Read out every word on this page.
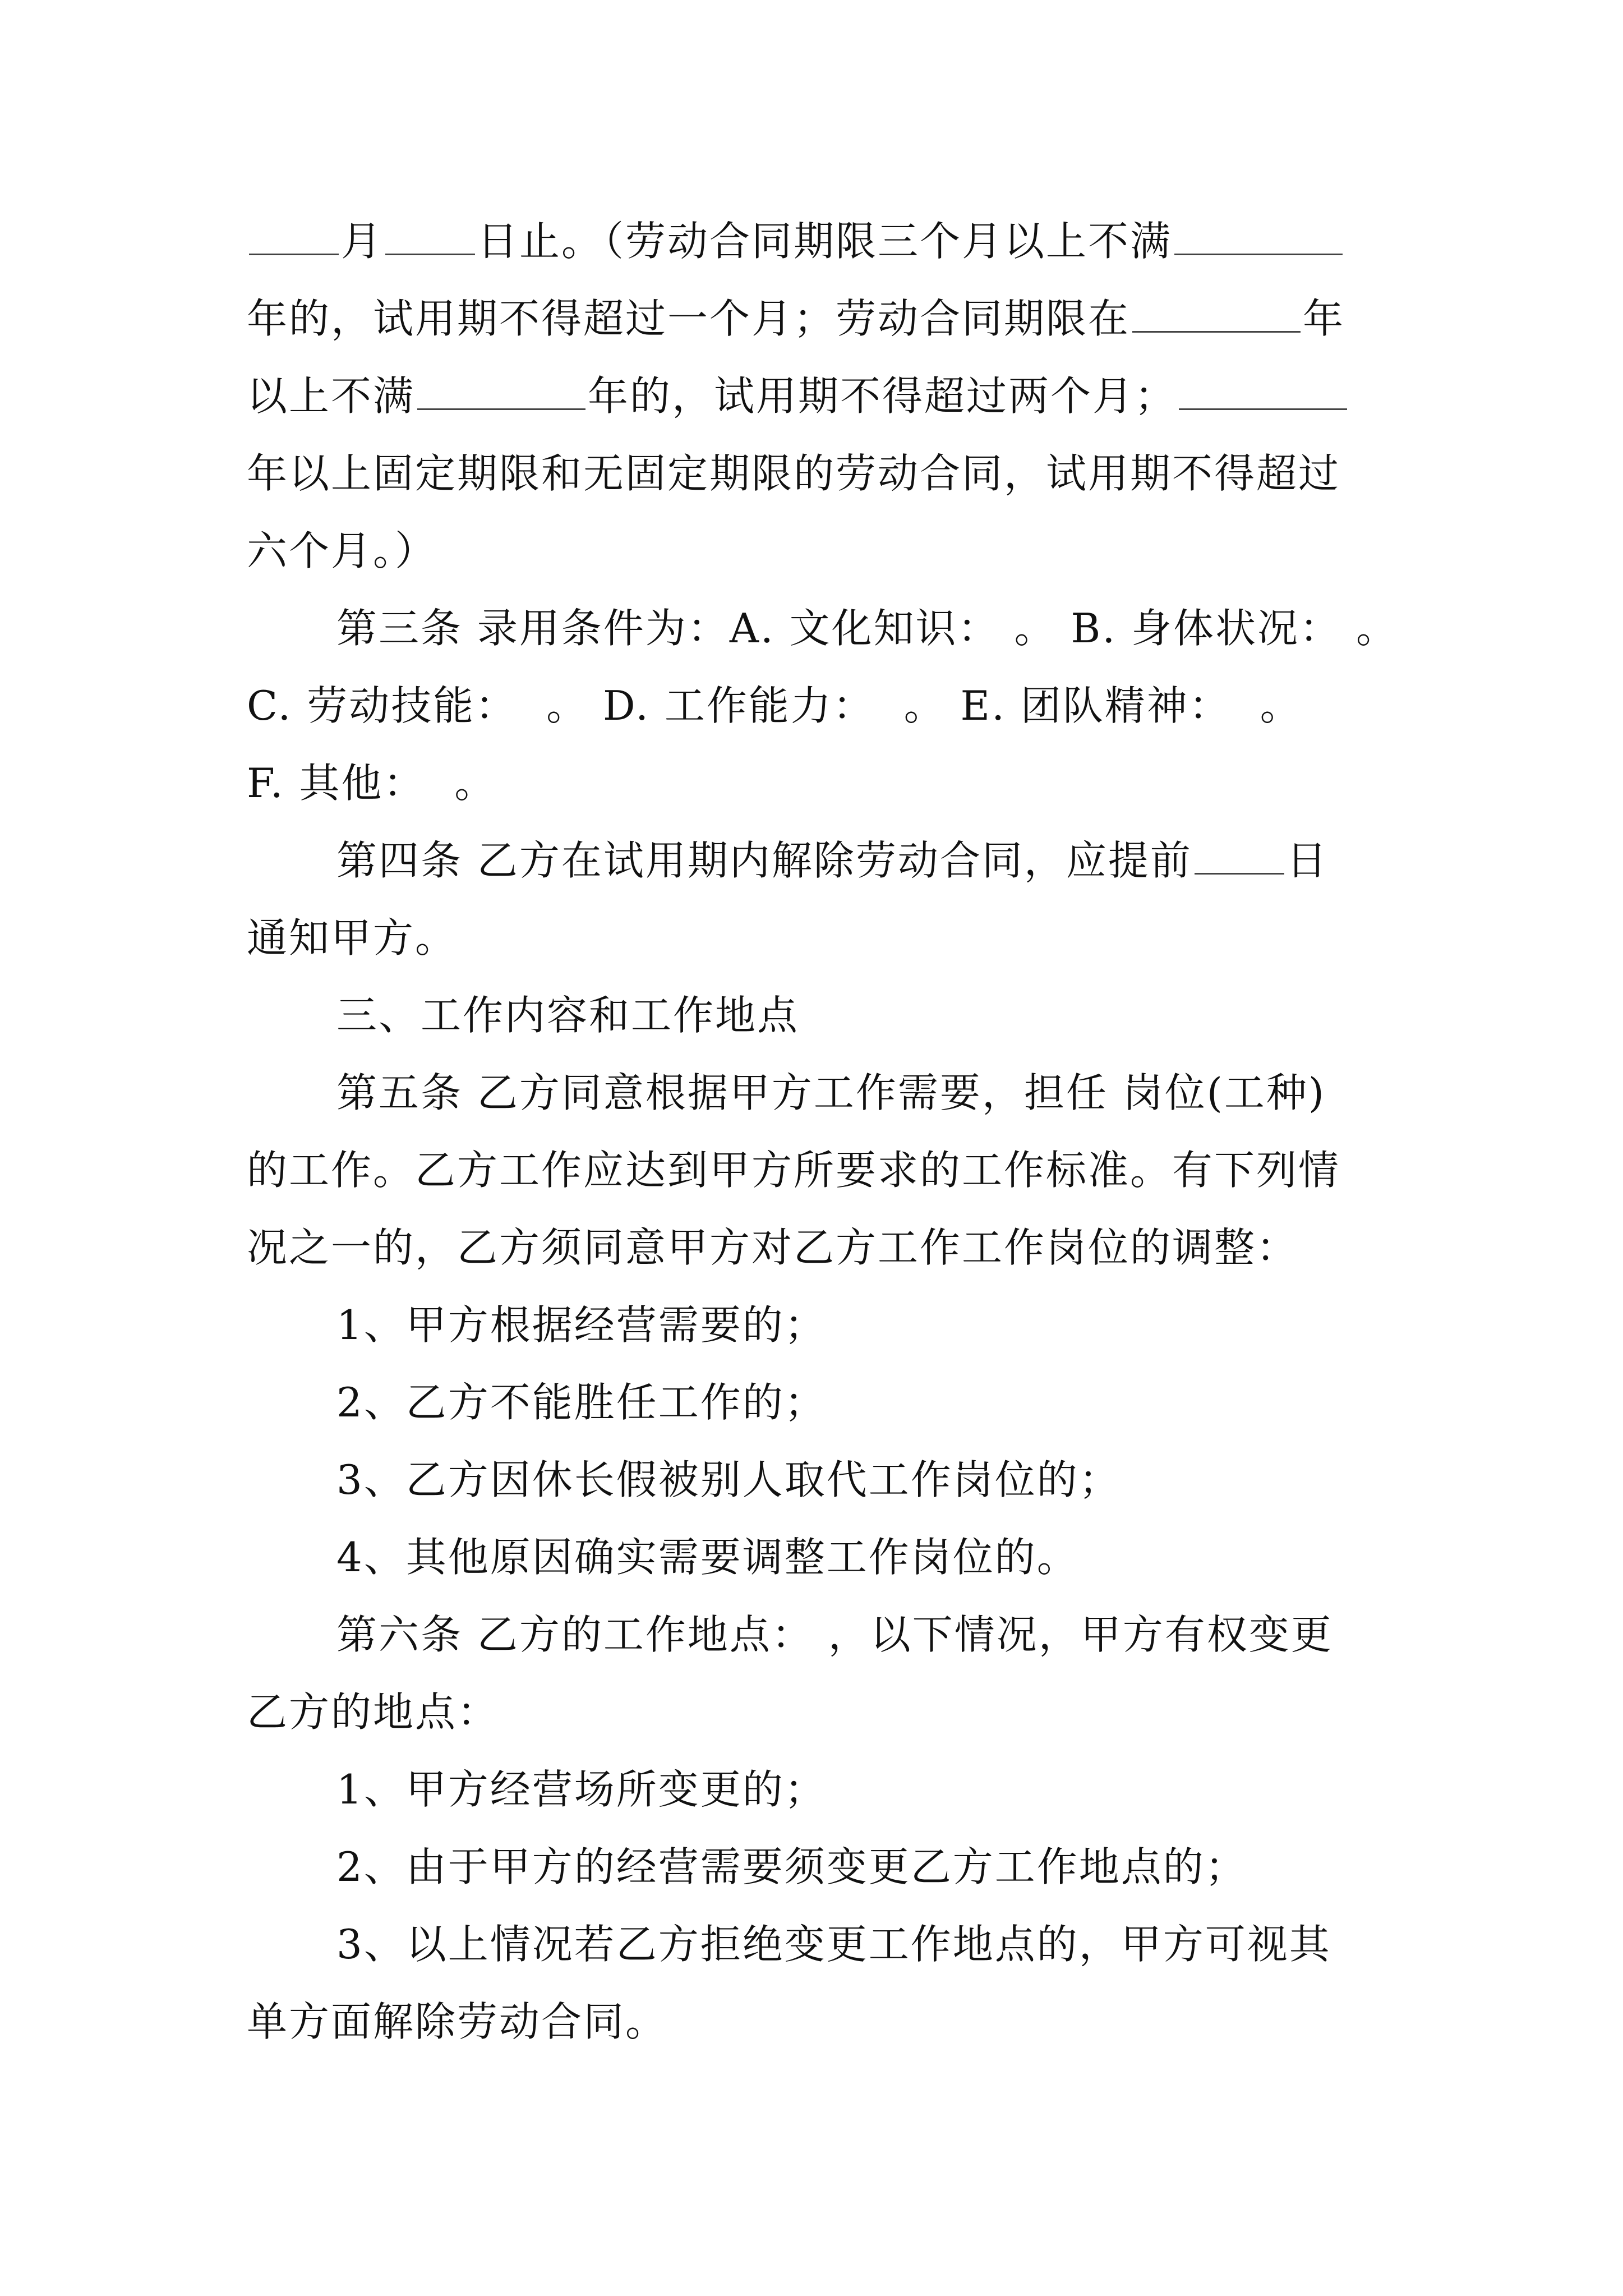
月 日止。（劳动合同期限三个月以上不满
年的，试用期不得超过一个月；劳动合同期限在	年
以上不满	年的，试用期不得超过两个月；
年以上固定期限和无固定期限的劳动合同，试用期不得超过
六个月。）
第三条 录用条件为：A. 文化知识： 。 B. 身体状况： 。
C. 劳动技能：  。 D. 工作能力：  。 E. 团队精神：  。
F. 其他：  。
第四条 乙方在试用期内解除劳动合同，应提前 日
通知甲方。
三、工作内容和工作地点
第五条 乙方同意根据甲方工作需要，担任 岗位(工种)
的工作。乙方工作应达到甲方所要求的工作标准。有下列情
况之一的，乙方须同意甲方对乙方工作工作岗位的调整：
1、甲方根据经营需要的；
2、乙方不能胜任工作的；
3、乙方因休长假被别人取代工作岗位的；
4、其他原因确实需要调整工作岗位的。
第六条 乙方的工作地点： ，以下情况，甲方有权变更
乙方的地点：
1、甲方经营场所变更的；
2、由于甲方的经营需要须变更乙方工作地点的；
3、以上情况若乙方拒绝变更工作地点的，甲方可视其
单方面解除劳动合同。
